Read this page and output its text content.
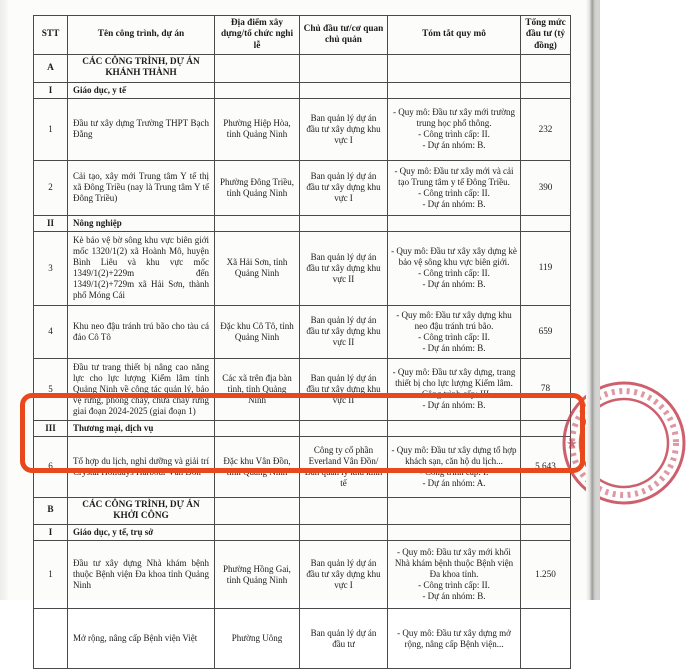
STT	Tên công trình, dự án	Địa điểm xây dựng/tổ chức nghi lễ	Chủ đầu tư/cơ quan chủ quản	Tóm tắt quy mô	Tổng mức đầu tư (tỷ đồng)
A	CÁC CÔNG TRÌNH, DỰ ÁN KHÁNH THÀNH				
I	Giáo dục, y tế				
1	Đầu tư xây dựng Trường THPT Bạch Đằng	Phường Hiệp Hòa, tỉnh Quảng Ninh	Ban quản lý dự án đầu tư xây dựng khu vực I	- Quy mô: Đầu tư xây mới trường trung học phổ thông.
- Công trình cấp: II.
- Dự án nhóm: B.	232
2	Cải tạo, xây mới Trung tâm Y tế thị xã Đông Triều (nay là Trung tâm Y tế Đông Triều)	Phường Đông Triều, tỉnh Quảng Ninh	Ban quản lý dự án đầu tư xây dựng khu vực I	- Quy mô: Đầu tư xây mới và cải tạo Trung tâm y tế Đông Triều.
- Công trình cấp: II.
- Dự án nhóm: B.	390
II	Nông nghiệp				
3	Kè bảo vệ bờ sông khu vực biên giới mốc 1320/1(2) xã Hoành Mô, huyện Bình Liêu và khu vực mốc 1349/1(2)+229m đến 1349/1(2)+729m xã Hải Sơn, thành phố Móng Cái	Xã Hải Sơn, tỉnh Quảng Ninh	Ban quản lý dự án đầu tư xây dựng khu vực II	- Quy mô: Đầu tư xây xây dựng kè bảo vệ sông khu vực biên giới.
- Công trình cấp: II.
- Dự án nhóm: B.	119
4	Khu neo đậu tránh trú bão cho tàu cá đảo Cô Tô	Đặc khu Cô Tô, tỉnh Quảng Ninh	Ban quản lý dự án đầu tư xây dựng khu vực II	- Quy mô: Đầu tư xây dựng khu neo đậu tránh trú bão.
- Công trình cấp: II.
- Dự án nhóm: B.	659
5	Đầu tư trang thiết bị nâng cao năng lực cho lực lượng Kiểm lâm tỉnh Quảng Ninh về công tác quản lý, bảo vệ rừng, phòng cháy, chữa cháy rừng giai đoạn 2024-2025 (giai đoạn 1)	Các xã trên địa bàn tỉnh, tỉnh Quảng Ninh	Ban quản lý dự án đầu tư xây dựng khu vực II	- Quy mô: Đầu tư xây dựng, trang thiết bị cho lực lượng Kiểm lâm.
- Công trình cấp: III.
- Dự án nhóm: B.	78
III	Thương mại, dịch vụ				
6	Tổ hợp du lịch, nghỉ dưỡng và giải trí Crystal Holidays Harbour Vân Đồn	Đặc khu Vân Đồn, tỉnh Quảng Ninh	Công ty cổ phần Everland Vân Đồn/ Ban quản lý khu kinh tế	- Quy mô: Đầu tư xây dựng tổ hợp khách sạn, căn hộ du lịch...
- Công trình cấp: I.
- Dự án nhóm: A.	5.643
B	CÁC CÔNG TRÌNH, DỰ ÁN KHỞI CÔNG				
I	Giáo dục, y tế, trụ sở				
1	Đầu tư xây dựng Nhà khám bệnh thuộc Bệnh viện Đa khoa tỉnh Quảng Ninh	Phường Hồng Gai, tỉnh Quảng Ninh	Ban quản lý dự án đầu tư xây dựng khu vực I	- Quy mô: Đầu tư xây mới khối Nhà khám bệnh thuộc Bệnh viện Đa khoa tỉnh.
- Công trình cấp: II.
- Dự án nhóm: B.	1.250
	Mở rộng, nâng cấp Bệnh viện Việt	Phường Uông	Ban quản lý dự án đầu tư	- Quy mô: Đầu tư xây dựng mở rộng, nâng cấp Bệnh viện...	

★
